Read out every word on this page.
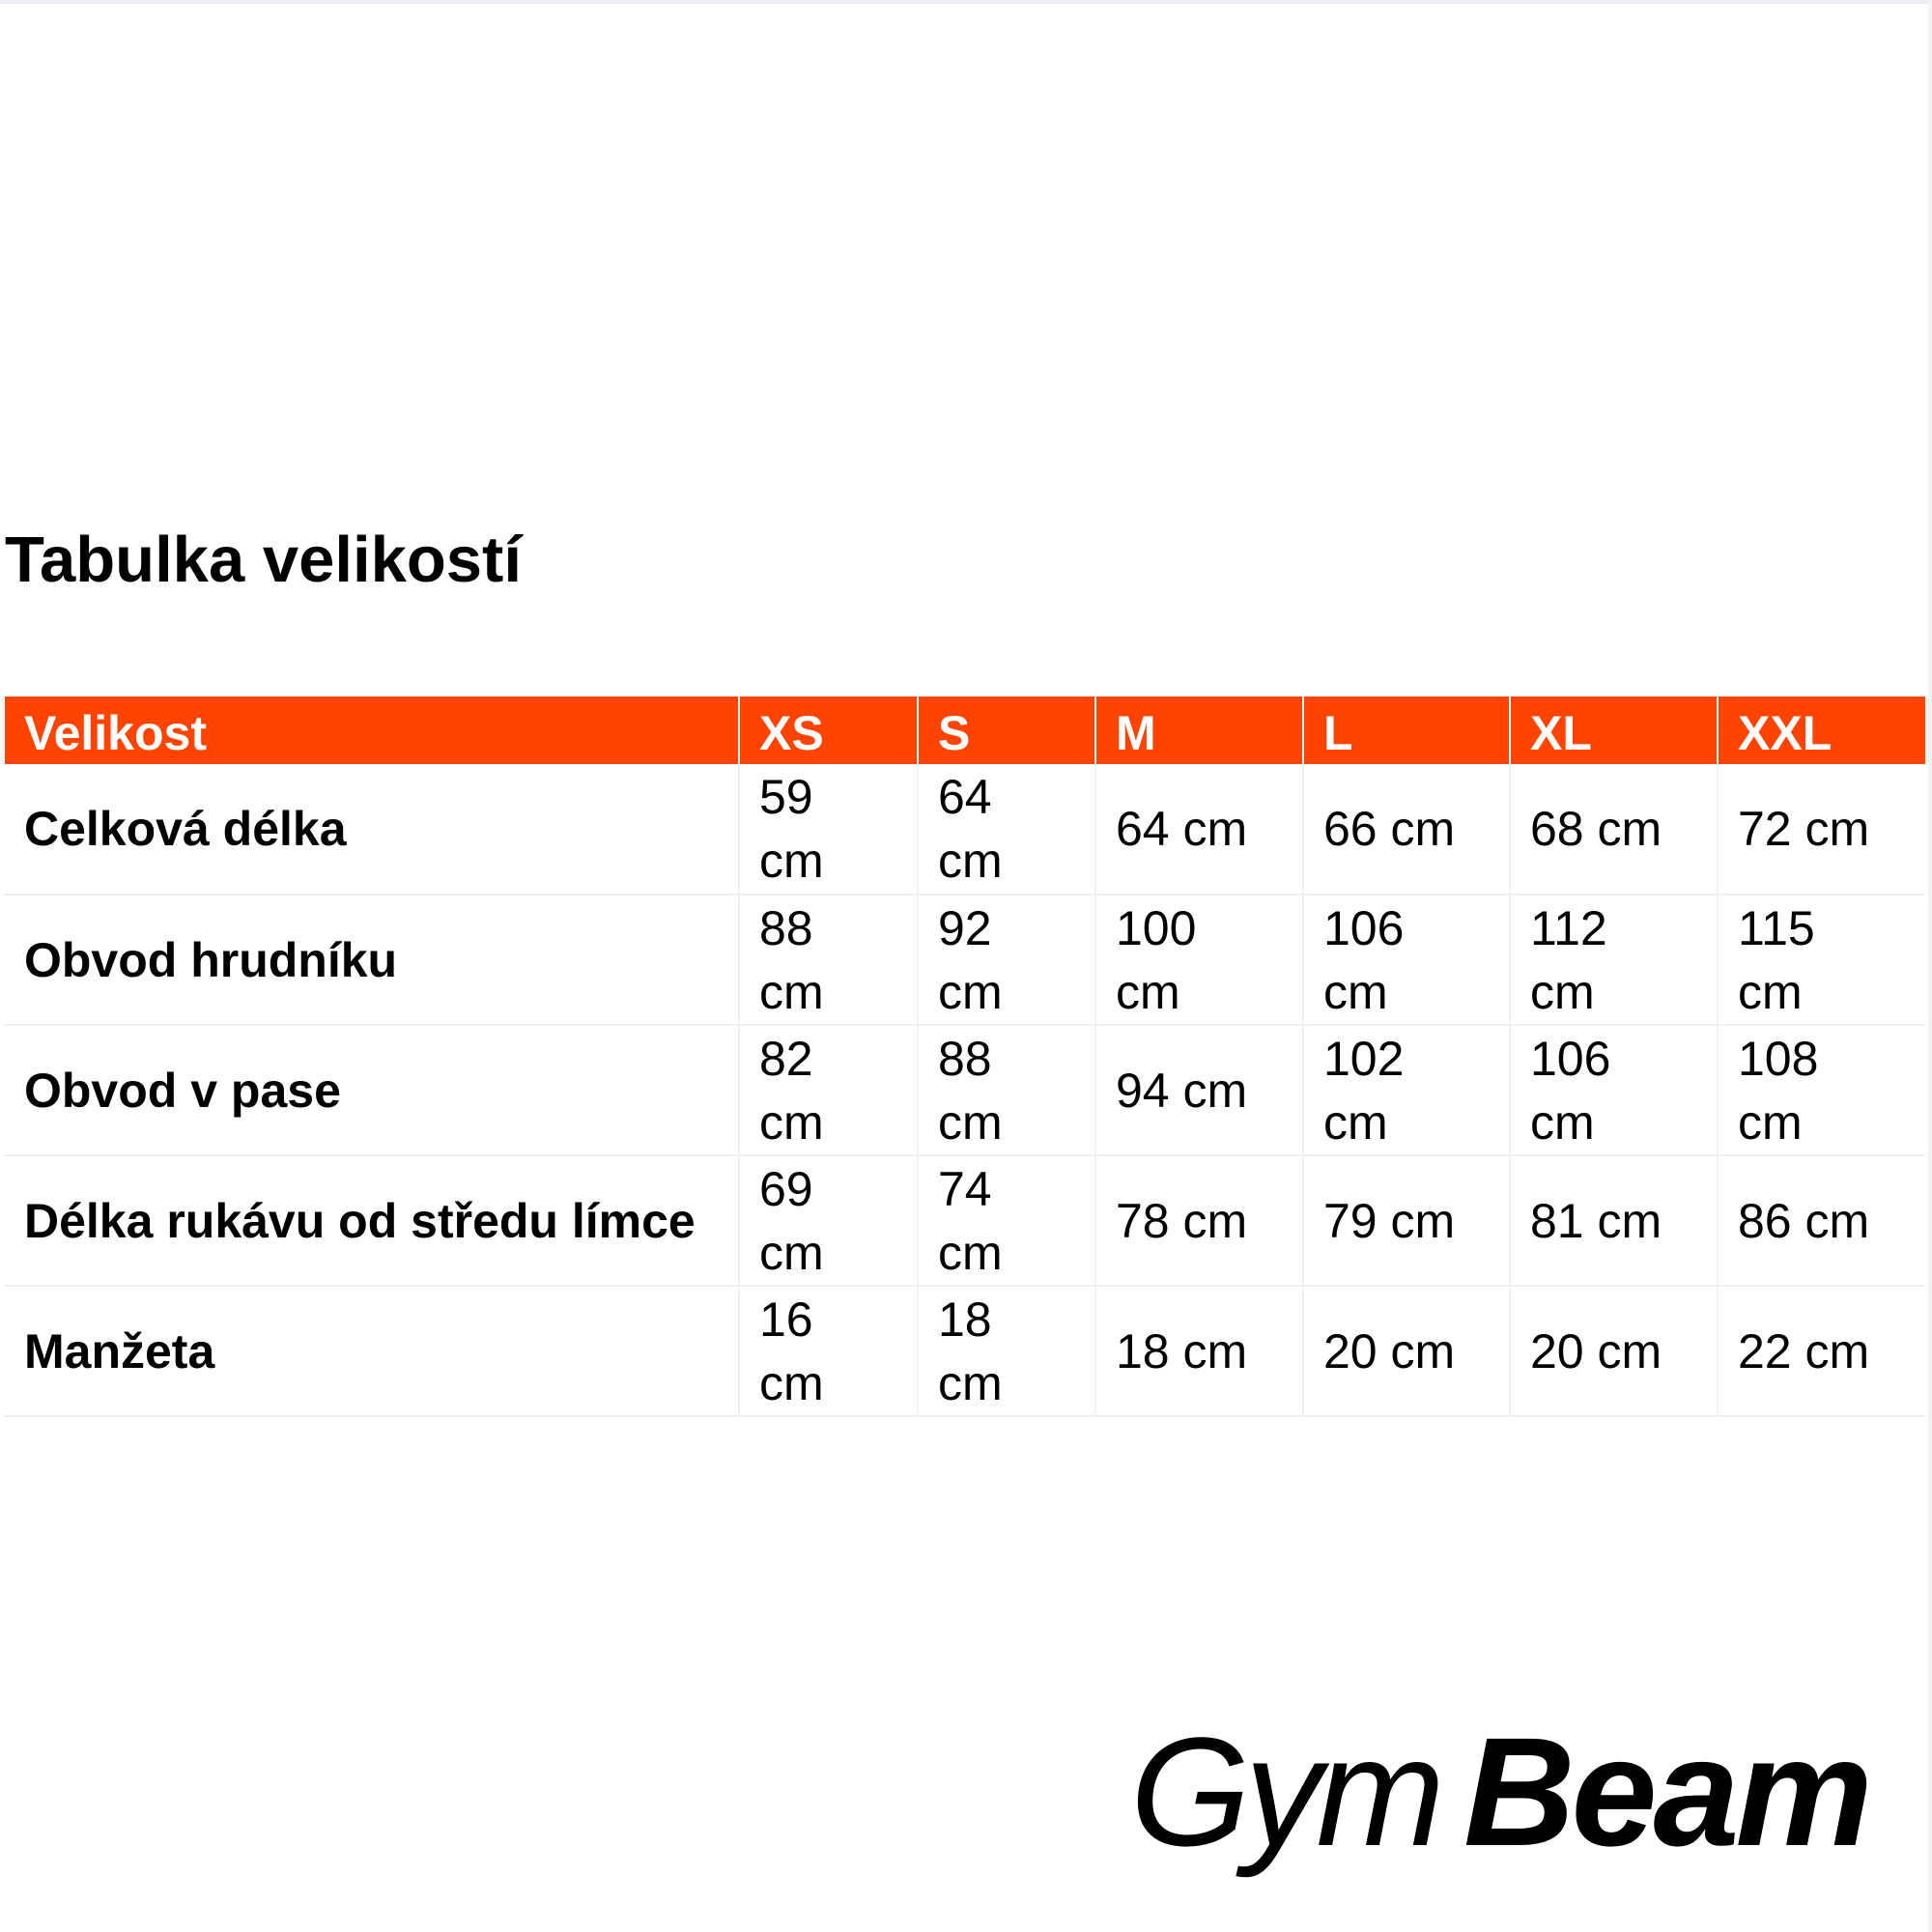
Tabulka velikostí
Velikost	XS	S	M	L	XL	XXL
Celková délka	59 cm	64 cm	64 cm	66 cm	68 cm	72 cm

Obvod hrudníku	88 cm	92 cm	100 cm	106 cm	112 cm	115 cm

Obvod v pase	82 cm	88 cm	94 cm	102 cm	106 cm	108 cm

Délka rukávu od středu límce	69 cm	74 cm	78 cm	79 cm	81 cm	86 cm

Manžeta	16 cm	18 cm	18 cm	20 cm	20 cm	22 cm
Gym Beam
